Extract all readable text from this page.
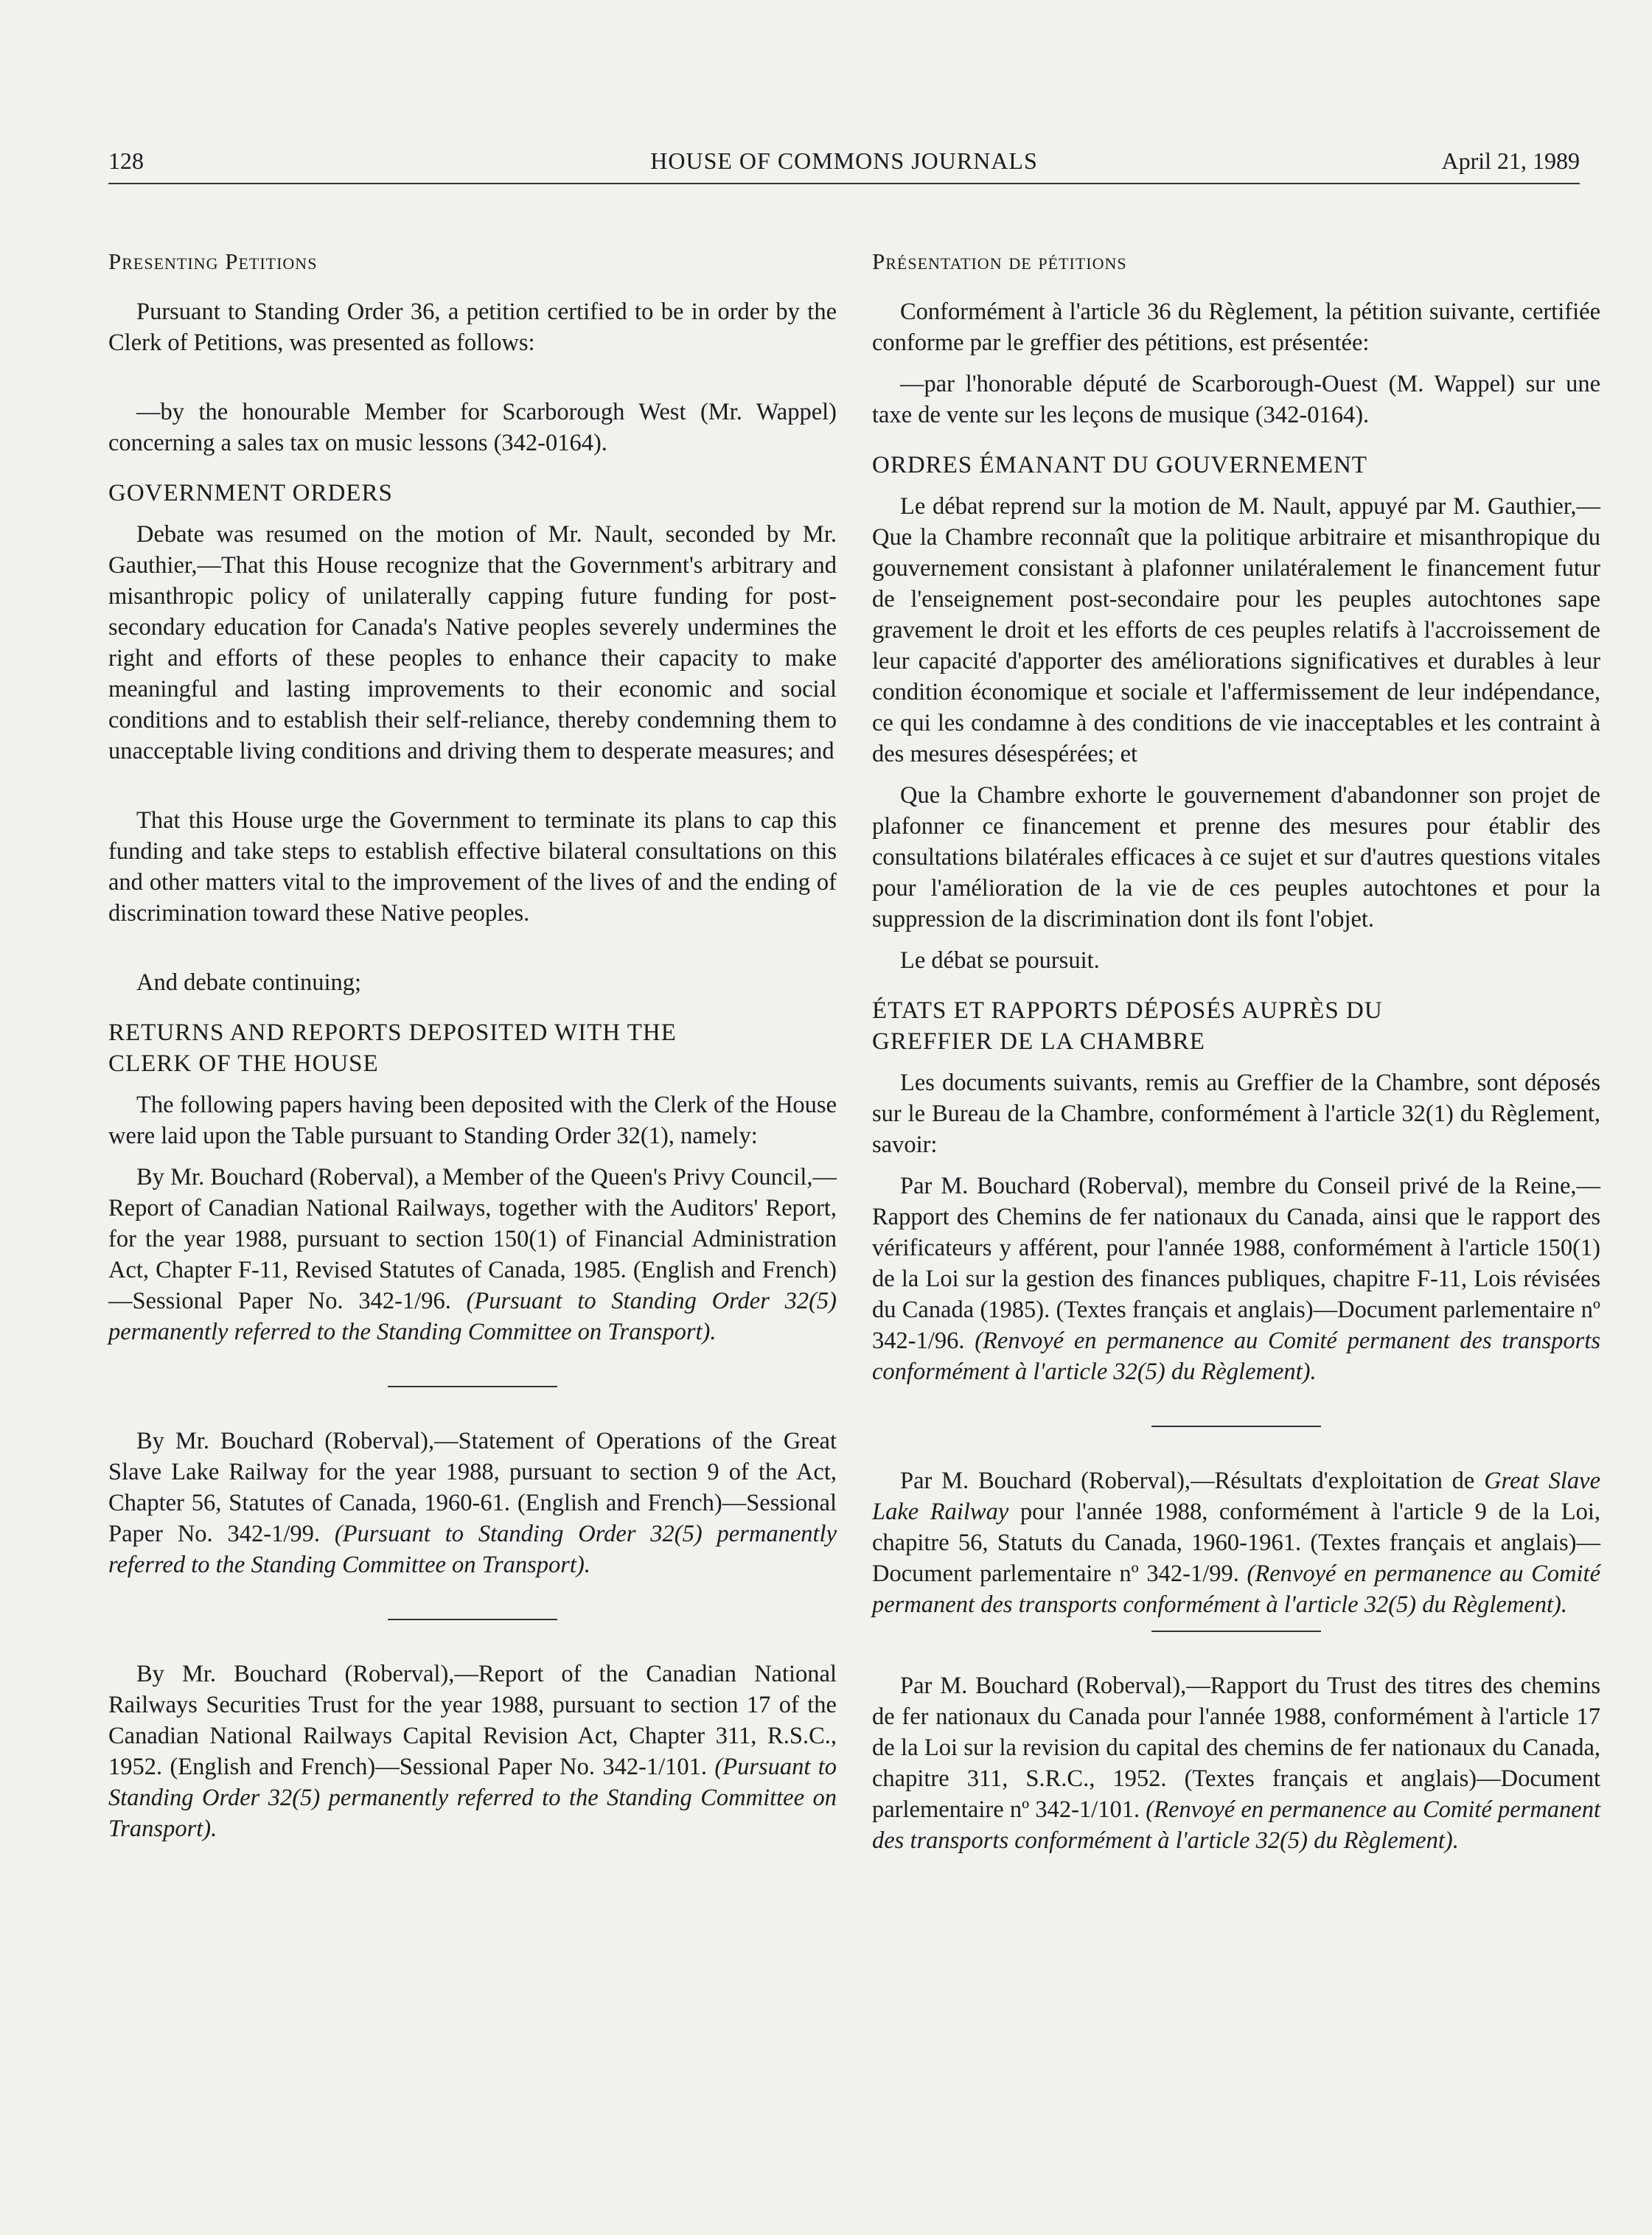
128	HOUSE OF COMMONS JOURNALS	April 21, 1989
Presenting Petitions

Pursuant to Standing Order 36, a petition certified to be in order by the Clerk of Petitions, was presented as follows:

—by the honourable Member for Scarborough West (Mr. Wappel) concerning a sales tax on music lessons (342-0164).

GOVERNMENT ORDERS

Debate was resumed on the motion of Mr. Nault, seconded by Mr. Gauthier,—That this House recognize that the Government's arbitrary and misanthropic policy of unilaterally capping future funding for post-secondary education for Canada's Native peoples severely undermines the right and efforts of these peoples to enhance their capacity to make meaningful and lasting improvements to their economic and social conditions and to establish their self-reliance, thereby condemning them to unacceptable living conditions and driving them to desperate measures; and

That this House urge the Government to terminate its plans to cap this funding and take steps to establish effective bilateral consultations on this and other matters vital to the improvement of the lives of and the ending of discrimination toward these Native peoples.

And debate continuing;

RETURNS AND REPORTS DEPOSITED WITH THE
CLERK OF THE HOUSE

The following papers having been deposited with the Clerk of the House were laid upon the Table pursuant to Standing Order 32(1), namely:

By Mr. Bouchard (Roberval), a Member of the Queen's Privy Council,—Report of Canadian National Railways, together with the Auditors' Report, for the year 1988, pursuant to section 150(1) of Financial Administration Act, Chapter F-11, Revised Statutes of Canada, 1985. (English and French)—Sessional Paper No. 342-1/96. (Pursuant to Standing Order 32(5) permanently referred to the Standing Committee on Transport).

By Mr. Bouchard (Roberval),—Statement of Operations of the Great Slave Lake Railway for the year 1988, pursuant to section 9 of the Act, Chapter 56, Statutes of Canada, 1960-61. (English and French)—Sessional Paper No. 342-1/99. (Pursuant to Standing Order 32(5) permanently referred to the Standing Committee on Transport).

By Mr. Bouchard (Roberval),—Report of the Canadian National Railways Securities Trust for the year 1988, pursuant to section 17 of the Canadian National Railways Capital Revision Act, Chapter 311, R.S.C., 1952. (English and French)—Sessional Paper No. 342-1/101. (Pursuant to Standing Order 32(5) permanently referred to the Standing Committee on Transport).

Présentation de pétitions

Conformément à l'article 36 du Règlement, la pétition suivante, certifiée conforme par le greffier des pétitions, est présentée:

—par l'honorable député de Scarborough-Ouest (M. Wappel) sur une taxe de vente sur les leçons de musique (342-0164).

ORDRES ÉMANANT DU GOUVERNEMENT

Le débat reprend sur la motion de M. Nault, appuyé par M. Gauthier,—Que la Chambre reconnaît que la politique arbitraire et misanthropique du gouvernement consistant à plafonner unilatéralement le financement futur de l'enseignement post-secondaire pour les peuples autochtones sape gravement le droit et les efforts de ces peuples relatifs à l'accroissement de leur capacité d'apporter des améliorations significatives et durables à leur condition économique et sociale et l'affermissement de leur indépendance, ce qui les condamne à des conditions de vie inacceptables et les contraint à des mesures désespérées; et

Que la Chambre exhorte le gouvernement d'abandonner son projet de plafonner ce financement et prenne des mesures pour établir des consultations bilatérales efficaces à ce sujet et sur d'autres questions vitales pour l'amélioration de la vie de ces peuples autochtones et pour la suppression de la discrimination dont ils font l'objet.

Le débat se poursuit.

ÉTATS ET RAPPORTS DÉPOSÉS AUPRÈS DU
GREFFIER DE LA CHAMBRE

Les documents suivants, remis au Greffier de la Chambre, sont déposés sur le Bureau de la Chambre, conformément à l'article 32(1) du Règlement, savoir:

Par M. Bouchard (Roberval), membre du Conseil privé de la Reine,—Rapport des Chemins de fer nationaux du Canada, ainsi que le rapport des vérificateurs y afférent, pour l'année 1988, conformément à l'article 150(1) de la Loi sur la gestion des finances publiques, chapitre F-11, Lois révisées du Canada (1985). (Textes français et anglais)—Document parlementaire nº 342-1/96. (Renvoyé en permanence au Comité permanent des transports conformément à l'article 32(5) du Règlement).

Par M. Bouchard (Roberval),—Résultats d'exploitation de Great Slave Lake Railway pour l'année 1988, conformément à l'article 9 de la Loi, chapitre 56, Statuts du Canada, 1960-1961. (Textes français et anglais)—Document parlementaire nº 342-1/99. (Renvoyé en permanence au Comité permanent des transports conformément à l'article 32(5) du Règlement).

Par M. Bouchard (Roberval),—Rapport du Trust des titres des chemins de fer nationaux du Canada pour l'année 1988, conformément à l'article 17 de la Loi sur la revision du capital des chemins de fer nationaux du Canada, chapitre 311, S.R.C., 1952. (Textes français et anglais)—Document parlementaire nº 342-1/101. (Renvoyé en permanence au Comité permanent des transports conformément à l'article 32(5) du Règlement).
